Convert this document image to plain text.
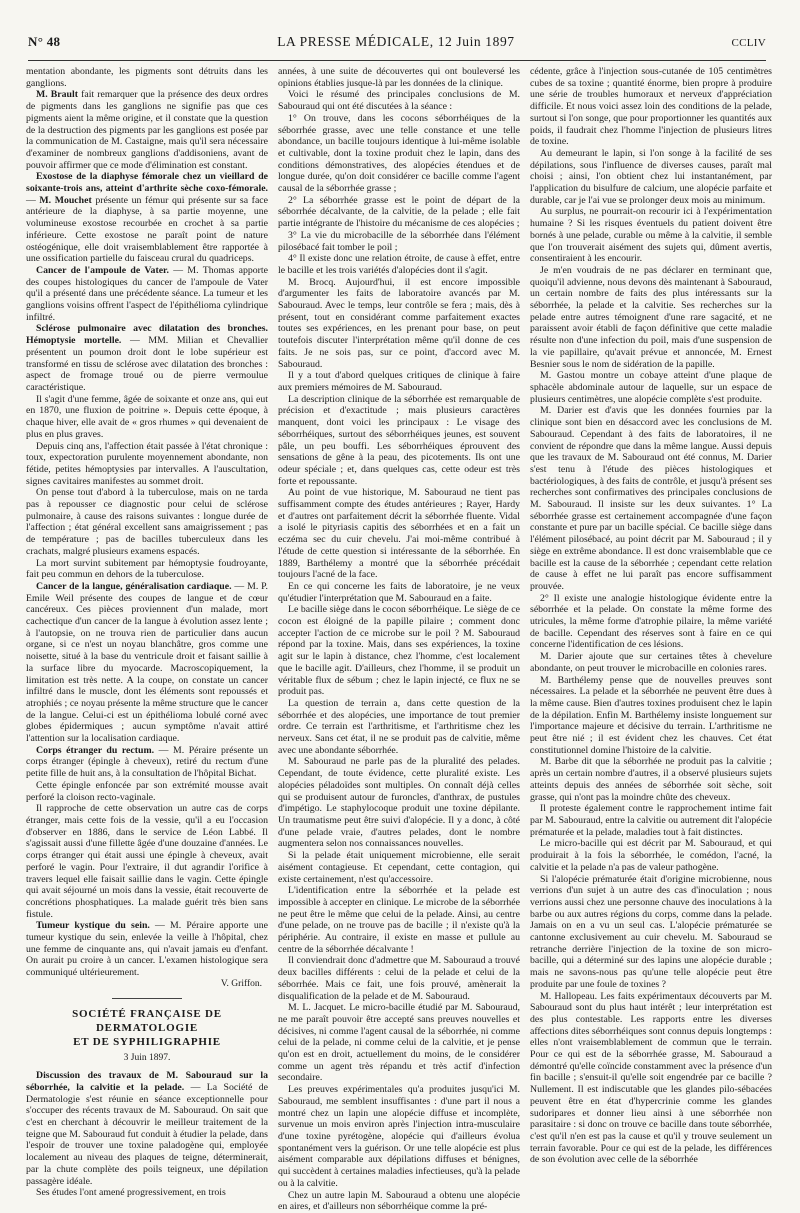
N° 48	LA PRESSE MÉDICALE, 12 Juin 1897	CCLIV

mentation abondante, les pigments sont détruits dans les ganglions.

M. Brault fait remarquer que la présence des deux ordres de pigments dans les ganglions ne signifie pas que ces pigments aient la même origine, et il constate que la question de la destruction des pigments par les ganglions est posée par la communication de M. Castaigne, mais qu'il sera nécessaire d'examiner de nombreux ganglions d'addisoniens, avant de pouvoir affirmer que ce mode d'élimination est constant.

Exostose de la diaphyse fémorale chez un vieillard de soixante-trois ans, atteint d'arthrite sèche coxo-fémorale. — M. Mouchet présente un fémur qui présente sur sa face antérieure de la diaphyse, à sa partie moyenne, une volumineuse exostose recourbée en crochet à sa partie inférieure. Cette exostose ne paraît point de nature ostéogénique, elle doit vraisemblablement être rapportée à une ossification partielle du faisceau crural du quadriceps.

Cancer de l'ampoule de Vater. — M. Thomas apporte des coupes histologiques du cancer de l'ampoule de Vater qu'il a présenté dans une précédente séance. La tumeur et les ganglions voisins offrent l'aspect de l'épithélioma cylindrique infiltré.

Sclérose pulmonaire avec dilatation des bronches. Hémoptysie mortelle. — MM. Milian et Chevallier présentent un poumon droit dont le lobe supérieur est transformé en tissu de sclérose avec dilatation des bronches : aspect de fromage troué ou de pierre vermoulue caractéristique.

Il s'agit d'une femme, âgée de soixante et onze ans, qui eut en 1870, une fluxion de poitrine ». Depuis cette époque, à chaque hiver, elle avait de « gros rhumes » qui devenaient de plus en plus graves.

Depuis cinq ans, l'affection était passée à l'état chronique : toux, expectoration purulente moyennement abondante, non fétide, petites hémoptysies par intervalles. A l'auscultation, signes cavitaires manifestes au sommet droit.

On pense tout d'abord à la tuberculose, mais on ne tarda pas à repousser ce diagnostic pour celui de sclérose pulmonaire, à cause des raisons suivantes : longue durée de l'affection ; état général excellent sans amaigrissement ; pas de température ; pas de bacilles tuberculeux dans les crachats, malgré plusieurs examens espacés.

La mort survint subitement par hémoptysie foudroyante, fait peu commun en dehors de la tuberculose.

Cancer de la langue, généralisation cardiaque. — M. P. Emile Weil présente des coupes de langue et de cœur cancéreux. Ces pièces proviennent d'un malade, mort cachectique d'un cancer de la langue à évolution assez lente ; à l'autopsie, on ne trouva rien de particulier dans aucun organe, si ce n'est un noyau blanchâtre, gros comme une noisette, situé à la base du ventricule droit et faisant saillie à la surface libre du myocarde. Macroscopiquement, la limitation est très nette. A la coupe, on constate un cancer infiltré dans le muscle, dont les éléments sont repoussés et atrophiés ; ce noyau présente la même structure que le cancer de la langue. Celui-ci est un épithélioma lobulé corné avec globes épidermiques ; aucun symptôme n'avait attiré l'attention sur la localisation cardiaque.

Corps étranger du rectum. — M. Péraire présente un corps étranger (épingle à cheveux), retiré du rectum d'une petite fille de huit ans, à la consultation de l'hôpital Bichat.

Cette épingle enfoncée par son extrémité mousse avait perforé la cloison recto-vaginale.

Il rapproche de cette observation un autre cas de corps étranger, mais cette fois de la vessie, qu'il a eu l'occasion d'observer en 1886, dans le service de Léon Labbé. Il s'agissait aussi d'une fillette âgée d'une douzaine d'années. Le corps étranger qui était aussi une épingle à cheveux, avait perforé le vagin. Pour l'extraire, il dut agrandir l'orifice à travers lequel elle faisait saillie dans le vagin. Cette épingle qui avait séjourné un mois dans la vessie, était recouverte de concrétions phosphatiques. La malade guérit très bien sans fistule.

Tumeur kystique du sein. — M. Péraire apporte une tumeur kystique du sein, enlevée la veille à l'hôpital, chez une femme de cinquante ans, qui n'avait jamais eu d'enfant. On aurait pu croire à un cancer. L'examen histologique sera communiqué ultérieurement.

V. Griffon.
SOCIÉTÉ FRANÇAISE DE DERMATOLOGIE
ET DE SYPHILIGRAPHIE
3 Juin 1897.

Discussion des travaux de M. Sabouraud sur la séborrhée, la calvitie et la pelade. — La Société de Dermatologie s'est réunie en séance exceptionnelle pour s'occuper des récents travaux de M. Sabouraud. On sait que c'est en cherchant à découvrir le meilleur traitement de la teigne que M. Sabouraud fut conduit à étudier la pelade, dans l'espoir de trouver une toxine paladogène qui, employée localement au niveau des plaques de teigne, déterminerait, par la chute complète des poils teigneux, une dépilation passagère idéale.

Ses études l'ont amené progressivement, en trois

années, à une suite de découvertes qui ont bouleversé les opinions établies jusque-là par les données de la clinique.

Voici le résumé des principales conclusions de M. Sabouraud qui ont été discutées à la séance :

1° On trouve, dans les cocons séborrhéiques de la séborrhée grasse, avec une telle constance et une telle abondance, un bacille toujours identique à lui-même isolable et cultivable, dont la toxine produit chez le lapin, dans des conditions démonstratives, des alopécies étendues et de longue durée, qu'on doit considérer ce bacille comme l'agent causal de la séborrhée grasse ;

2° La séborrhée grasse est le point de départ de la séborrhée décalvante, de la calvitie, de la pelade ; elle fait partie intégrante de l'histoire du mécanisme de ces alopécies ;

3° La vie du microbacille de la séborrhée dans l'élément pilosébacé fait tomber le poil ;

4° Il existe donc une relation étroite, de cause à effet, entre le bacille et les trois variétés d'alopécies dont il s'agit.

M. Brocq. Aujourd'hui, il est encore impossible d'argumenter les faits de laboratoire avancés par M. Sabouraud. Avec le temps, leur contrôle se fera ; mais, dès à présent, tout en considérant comme parfaitement exactes toutes ses expériences, en les prenant pour base, on peut toutefois discuter l'interprétation même qu'il donne de ces faits. Je ne sois pas, sur ce point, d'accord avec M. Sabouraud.

Il y a tout d'abord quelques critiques de clinique à faire aux premiers mémoires de M. Sabouraud.

La description clinique de la séborrhée est remarquable de précision et d'exactitude ; mais plusieurs caractères manquent, dont voici les principaux : Le visage des séborrhéiques, surtout des séborrhéiques jeunes, est souvent pâle, un peu bouffi. Les séborrhéiques éprouvent des sensations de gêne à la peau, des picotements. Ils ont une odeur spéciale ; et, dans quelques cas, cette odeur est très forte et repoussante.

Au point de vue historique, M. Sabouraud ne tient pas suffisamment compte des études antérieures ; Rayer, Hardy et d'autres ont parfaitement décrit la séborrhée fluente. Vidal a isolé le pityriasis capitis des séborrhées et en a fait un eczéma sec du cuir chevelu. J'ai moi-même contribué à l'étude de cette question si intéressante de la séborrhée. En 1889, Barthélemy a montré que la séborrhée précédait toujours l'acné de la face.

En ce qui concerne les faits de laboratoire, je ne veux qu'étudier l'interprétation que M. Sabouraud en a faite.

Le bacille siège dans le cocon séborrhéique. Le siège de ce cocon est éloigné de la papille pilaire ; comment donc accepter l'action de ce microbe sur le poil ? M. Sabouraud répond par la toxine. Mais, dans ses expériences, la toxine agit sur le lapin à distance, chez l'homme, c'est localement que le bacille agit. D'ailleurs, chez l'homme, il se produit un véritable flux de sébum ; chez le lapin injecté, ce flux ne se produit pas.

La question de terrain a, dans cette question de la séborrhée et des alopécies, une importance de tout premier ordre. Ce terrain est l'arthritisme, et l'arthritisme chez les nerveux. Sans cet état, il ne se produit pas de calvitie, même avec une abondante séborrhée.

M. Sabouraud ne parle pas de la pluralité des pelades. Cependant, de toute évidence, cette pluralité existe. Les alopécies péladoïdes sont multiples. On connaît déjà celles qui se produisent autour de furoncles, d'anthrax, de pustules d'impétigo. Le staphylocoque produit une toxine dépilante. Un traumatisme peut être suivi d'alopécie. Il y a donc, à côté d'une pelade vraie, d'autres pelades, dont le nombre augmentera selon nos connaissances nouvelles.

Si la pelade était uniquement microbienne, elle serait aisément contagieuse. Et cependant, cette contagion, qui existe certainement, n'est qu'accessoire.

L'identification entre la séborrhée et la pelade est impossible à accepter en clinique. Le microbe de la séborrhée ne peut être le même que celui de la pelade. Ainsi, au centre d'une pelade, on ne trouve pas de bacille ; il n'existe qu'à la périphérie. Au contraire, il existe en masse et pullule au centre de la séborrhée décalvante !

Il conviendrait donc d'admettre que M. Sabouraud a trouvé deux bacilles différents : celui de la pelade et celui de la séborrhée. Mais ce fait, une fois prouvé, amènerait la disqualification de la pelade et de M. Sabouraud.

M. L. Jacquet. Le micro-bacille étudié par M. Sabouraud, ne me paraît pouvoir être accepté sans preuves nouvelles et décisives, ni comme l'agent causal de la séborrhée, ni comme celui de la pelade, ni comme celui de la calvitie, et je pense qu'on est en droit, actuellement du moins, de le considérer comme un agent très répandu et très actif d'infection secondaire.

Les preuves expérimentales qu'a produites jusqu'ici M. Sabouraud, me semblent insuffisantes : d'une part il nous a montré chez un lapin une alopécie diffuse et incomplète, survenue un mois environ après l'injection intra-musculaire d'une toxine pyrétogène, alopécie qui d'ailleurs évolua spontanément vers la guérison. Or une telle alopécie est plus aisément comparable aux dépilations diffuses et bénignes, qui succèdent à certaines maladies infectieuses, qu'à la pelade ou à la calvitie.

Chez un autre lapin M. Sabouraud a obtenu une alopécie en aires, et d'ailleurs non séborrhéique comme la pré-

cédente, grâce à l'injection sous-cutanée de 105 centimètres cubes de sa toxine ; quantité énorme, bien propre à produire une série de troubles humoraux et nerveux d'appréciation difficile. Et nous voici assez loin des conditions de la pelade, surtout si l'on songe, que pour proportionner les quantités aux poids, il faudrait chez l'homme l'injection de plusieurs litres de toxine.

Au demeurant le lapin, si l'on songe à la facilité de ses dépilations, sous l'influence de diverses causes, paraît mal choisi ; ainsi, l'on obtient chez lui instantanément, par l'application du bisulfure de calcium, une alopécie parfaite et durable, car je l'ai vue se prolonger deux mois au minimum.

Au surplus, ne pourrait-on recourir ici à l'expérimentation humaine ? Si les risques éventuels du patient doivent être bornés à une pelade, curable ou même à la calvitie, il semble que l'on trouverait aisément des sujets qui, dûment avertis, consentiraient à les encourir.

Je m'en voudrais de ne pas déclarer en terminant que, quoiqu'il advienne, nous devons dès maintenant à Sabouraud, un certain nombre de faits des plus intéressants sur la séborrhée, la pelade et la calvitie. Ses recherches sur la pelade entre autres témoignent d'une rare sagacité, et ne paraissent avoir établi de façon définitive que cette maladie résulte non d'une infection du poil, mais d'une suspension de la vie papillaire, qu'avait prévue et annoncée, M. Ernest Besnier sous le nom de sidération de la papille.

M. Gastou montre un cobaye atteint d'une plaque de sphacèle abdominale autour de laquelle, sur un espace de plusieurs centimètres, une alopécie complète s'est produite.

M. Darier est d'avis que les données fournies par la clinique sont bien en désaccord avec les conclusions de M. Sabouraud. Cependant à des faits de laboratoires, il ne convient de répondre que dans la même langue. Aussi depuis que les travaux de M. Sabouraud ont été connus, M. Darier s'est tenu à l'étude des pièces histologiques et bactériologiques, à des faits de contrôle, et jusqu'à présent ses recherches sont confirmatives des principales conclusions de M. Sabouraud. Il insiste sur les deux suivantes. 1° La séborrhée grasse est certainement accompagnée d'une façon constante et pure par un bacille spécial. Ce bacille siège dans l'élément pilosébacé, au point décrit par M. Sabouraud ; il y siège en extrême abondance. Il est donc vraisemblable que ce bacille est la cause de la séborrhée ; cependant cette relation de cause à effet ne lui paraît pas encore suffisamment prouvée.

2° Il existe une analogie histologique évidente entre la séborrhée et la pelade. On constate la même forme des utricules, la même forme d'atrophie pilaire, la même variété de bacille. Cependant des réserves sont à faire en ce qui concerne l'identification de ces lésions.

M. Darier ajoute que sur certaines têtes à chevelure abondante, on peut trouver le microbacille en colonies rares.

M. Barthélemy pense que de nouvelles preuves sont nécessaires. La pelade et la séborrhée ne peuvent être dues à la même cause. Bien d'autres toxines produisent chez le lapin de la dépilation. Enfin M. Barthélemy insiste longuement sur l'importance majeure et décisive du terrain. L'arthritisme ne peut être nié ; il est évident chez les chauves. Cet état constitutionnel domine l'histoire de la calvitie.

M. Barbe dit que la séborrhée ne produit pas la calvitie ; après un certain nombre d'autres, il a observé plusieurs sujets atteints depuis des années de séborrhée soit sèche, soit grasse, qui n'ont pas la moindre chûte des cheveux.

Il proteste également contre le rapprochement intime fait par M. Sabouraud, entre la calvitie ou autrement dit l'alopécie prématurée et la pelade, maladies tout à fait distinctes.

Le micro-bacille qui est décrit par M. Sabouraud, et qui produirait à la fois la séborrhée, le comédon, l'acné, la calvitie et la pelade n'a pas de valeur pathogène.

Si l'alopécie prématurée était d'origine microbienne, nous verrions d'un sujet à un autre des cas d'inoculation ; nous verrions aussi chez une personne chauve des inoculations à la barbe ou aux autres régions du corps, comme dans la pelade. Jamais on en a vu un seul cas. L'alopécie prématurée se cantonne exclusivement au cuir chevelu. M. Sabouraud se retranche derrière l'injection de la toxine de son micro-bacille, qui a déterminé sur des lapins une alopécie durable ; mais ne savons-nous pas qu'une telle alopécie peut être produite par une foule de toxines ?

M. Hallopeau. Les faits expérimentaux découverts par M. Sabouraud sont du plus haut intérêt ; leur interprétation est des plus contestable. Les rapports entre les diverses affections dites séborrhéiques sont connus depuis longtemps : elles n'ont vraisemblablement de commun que le terrain. Pour ce qui est de la séborrhée grasse, M. Sabouraud a démontré qu'elle coïncide constamment avec la présence d'un fin bacille ; s'ensuit-il qu'elle soit engendrée par ce bacille ? Nullement. Il est indiscutable que les glandes pilo-sébacées peuvent être en état d'hypercrinie comme les glandes sudoripares et donner lieu ainsi à une séborrhée non parasitaire : si donc on trouve ce bacille dans toute séborrhée, c'est qu'il n'en est pas la cause et qu'il y trouve seulement un terrain favorable. Pour ce qui est de la pelade, les différences de son évolution avec celle de la séborrhée
